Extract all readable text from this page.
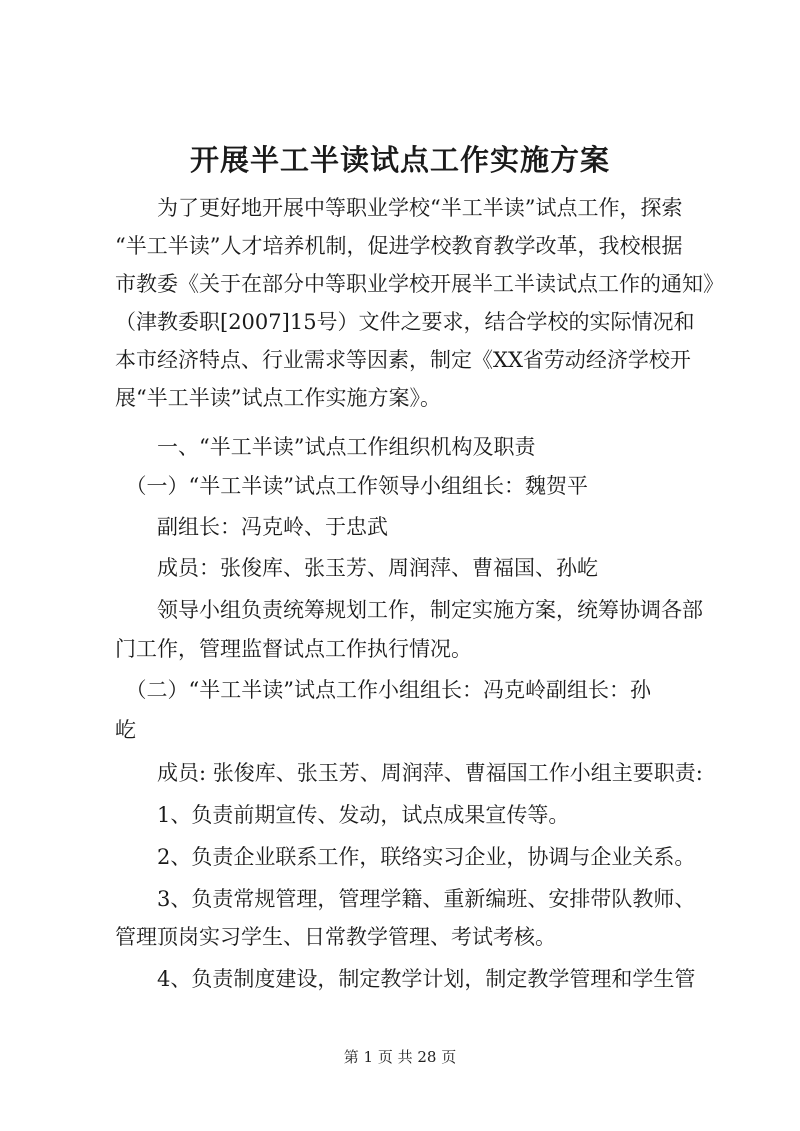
开展半工半读试点工作实施方案

　　为了更好地开展中等职业学校“半工半读”试点工作，探索

“半工半读”人才培养机制，促进学校教育教学改革，我校根据

市教委《关于在部分中等职业学校开展半工半读试点工作的通知》

（津教委职[2007]15号）文件之要求，结合学校的实际情况和

本市经济特点、行业需求等因素，制定《XX省劳动经济学校开

展“半工半读”试点工作实施方案》。

　　一、“半工半读”试点工作组织机构及职责

　（一）“半工半读”试点工作领导小组组长：魏贺平

　　副组长：冯克岭、于忠武

　　成员：张俊库、张玉芳、周润萍、曹福国、孙屹

　　领导小组负责统筹规划工作，制定实施方案，统筹协调各部

门工作，管理监督试点工作执行情况。

　（二）“半工半读”试点工作小组组长：冯克岭副组长：孙

屹

　　成员: 张俊库、张玉芳、周润萍、曹福国工作小组主要职责:

　　1、负责前期宣传、发动，试点成果宣传等。

　　2、负责企业联系工作，联络实习企业，协调与企业关系。

　　3、负责常规管理，管理学籍、重新编班、安排带队教师、

管理顶岗实习学生、日常教学管理、考试考核。

　　4、负责制度建设，制定教学计划，制定教学管理和学生管

第 1 页 共 28 页
